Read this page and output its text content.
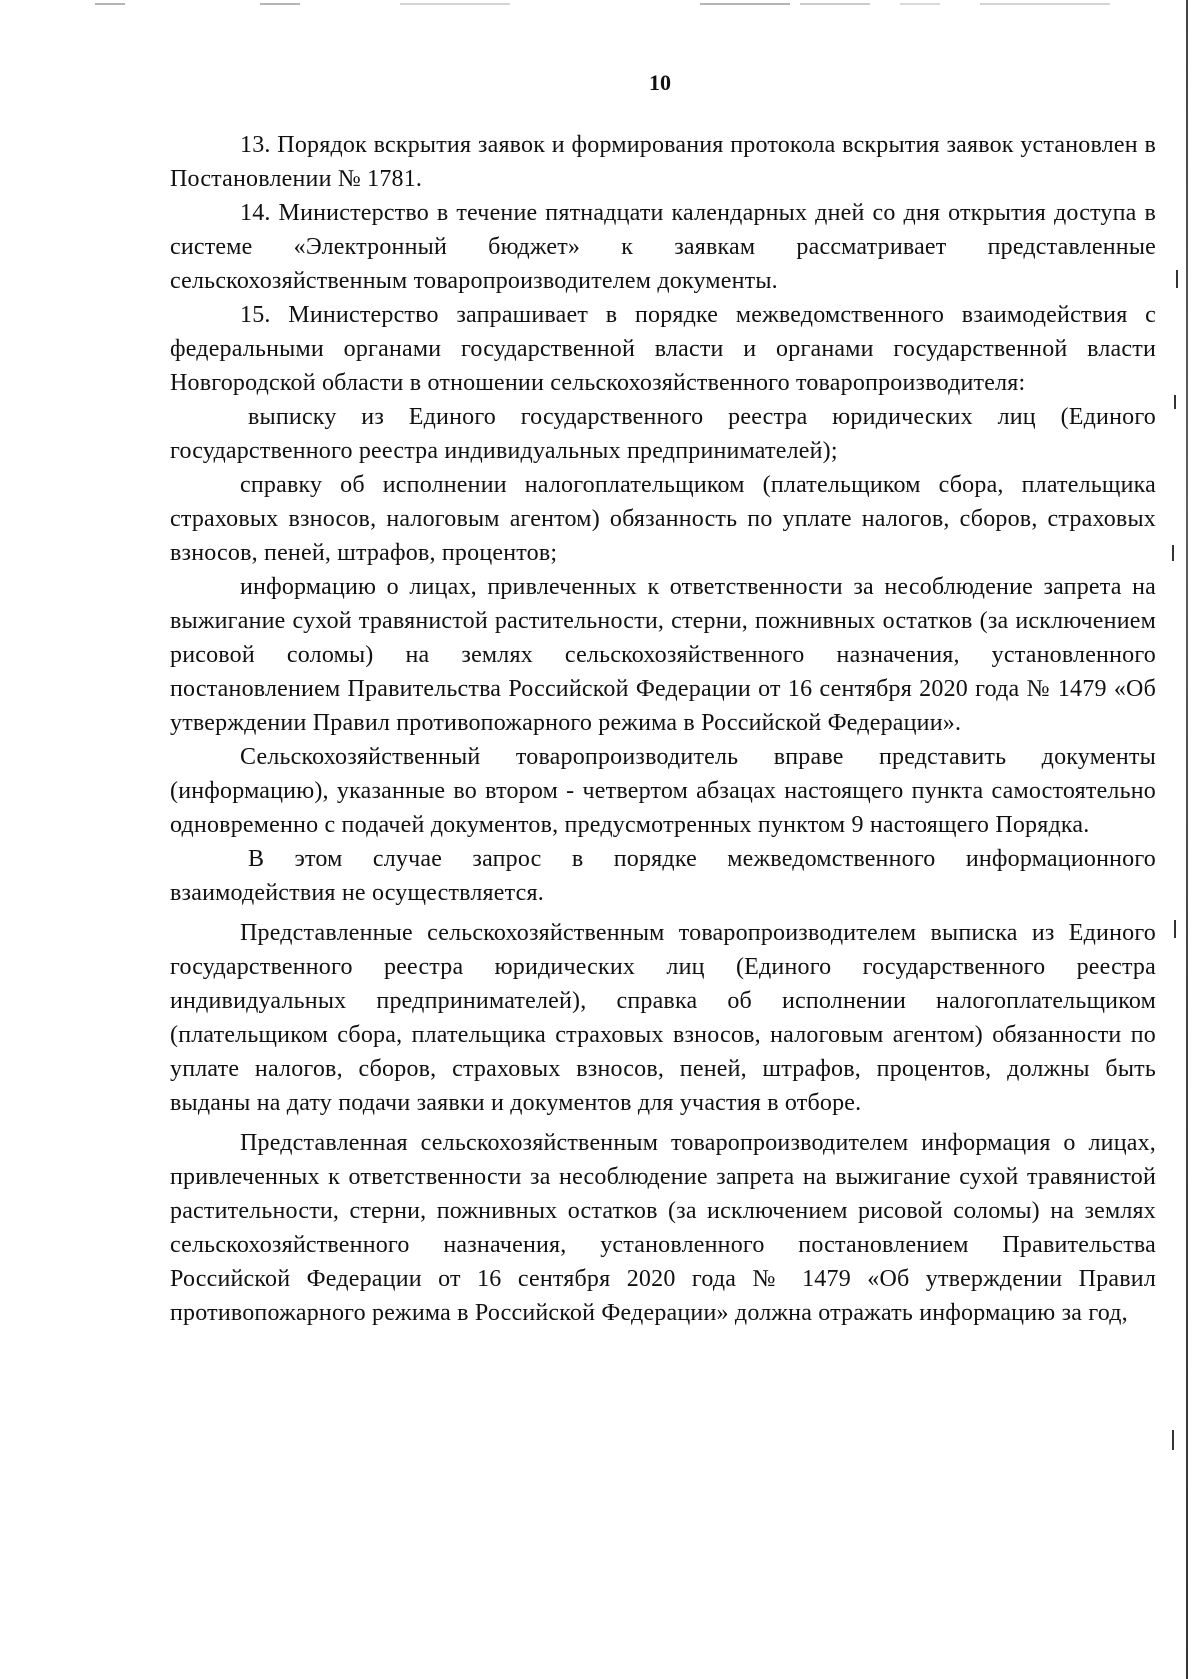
10

13. Порядок вскрытия заявок и формирования протокола вскрытия заявок установлен в Постановлении № 1781.

14. Министерство в течение пятнадцати календарных дней со дня открытия доступа в системе «Электронный бюджет» к заявкам рассматривает представленные сельскохозяйственным товаропроизводителем документы.

15. Министерство запрашивает в порядке межведомственного взаимодействия с федеральными органами государственной власти и органами государственной власти Новгородской области в отношении сельскохозяйственного товаропроизводителя:

выписку из Единого государственного реестра юридических лиц (Единого государственного реестра индивидуальных предпринимателей);

справку об исполнении налогоплательщиком (плательщиком сбора, плательщика страховых взносов, налоговым агентом) обязанность по уплате налогов, сборов, страховых взносов, пеней, штрафов, процентов;

информацию о лицах, привлеченных к ответственности за несоблюдение запрета на выжигание сухой травянистой растительности, стерни, пожнивных остатков (за исключением рисовой соломы) на землях сельскохозяйственного назначения, установленного постановлением Правительства Российской Федерации от 16 сентября 2020 года № 1479 «Об утверждении Правил противопожарного режима в Российской Федерации».

Сельскохозяйственный товаропроизводитель вправе представить документы (информацию), указанные во втором - четвертом абзацах настоящего пункта самостоятельно одновременно с подачей документов, предусмотренных пунктом 9 настоящего Порядка.

В этом случае запрос в порядке межведомственного информационного взаимодействия не осуществляется.

Представленные сельскохозяйственным товаропроизводителем выписка из Единого государственного реестра юридических лиц (Единого государственного реестра индивидуальных предпринимателей), справка об исполнении налогоплательщиком (плательщиком сбора, плательщика страховых взносов, налоговым агентом) обязанности по уплате налогов, сборов, страховых взносов, пеней, штрафов, процентов, должны быть выданы на дату подачи заявки и документов для участия в отборе.

Представленная сельскохозяйственным товаропроизводителем информация о лицах, привлеченных к ответственности за несоблюдение запрета на выжигание сухой травянистой растительности, стерни, пожнивных остатков (за исключением рисовой соломы) на землях сельскохозяйственного назначения, установленного постановлением Правительства Российской Федерации от 16 сентября 2020 года № 1479 «Об утверждении Правил противопожарного режима в Российской Федерации» должна отражать информацию за год,
